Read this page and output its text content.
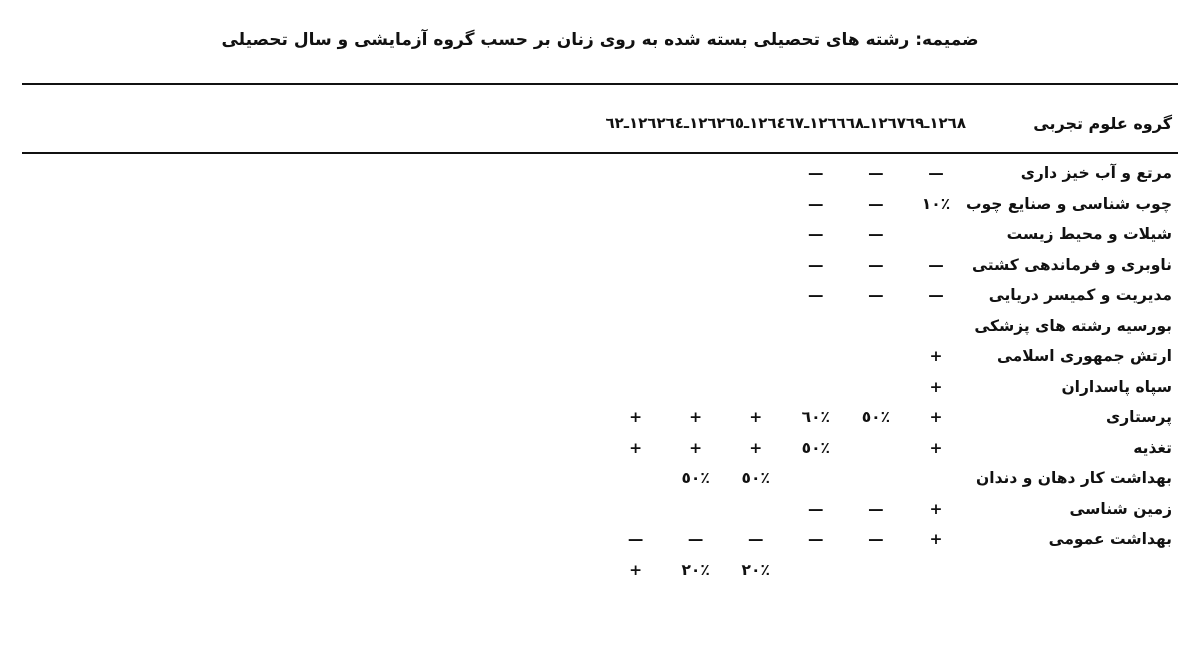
ضميمه: رشته هاى تحصيلى بسته شده به روى زنان بر حسب گروه آزمايشى و سال تحصيلى
گروه علوم تجربى	١٢٦٨ـ٦٩	١٢٦٧ـ٦٨	١٢٦٦ـ٦٧	١٢٦٤ـ٦٥	١٢٦٢ـ٦٤	١٢٦٢ـ٦٢

مرتع و آب خيز دارى	—	—	—			
چوب شناسى و صنايع چوب	٪١٠	—	—			
شيلات و محيط زيست		—	—			
ناوبرى و فرماندهى كشتى	—	—	—			
مديريت و كميسر دريايى	—	—	—			
بورسيه رشته هاى پزشكى						
ارتش جمهورى اسلامى	+					
سپاه پاسداران	+					
پرستارى	+	٪٥٠	٪٦٠	+	+	+
تغذيه	+		٪٥٠	+	+	+
بهداشت كار دهان و دندان				٪٥٠	٪٥٠	
زمين شناسى	+	—	—			
بهداشت عمومى	+	—	—	—	—	—
				٪٢٠	٪٢٠	+
